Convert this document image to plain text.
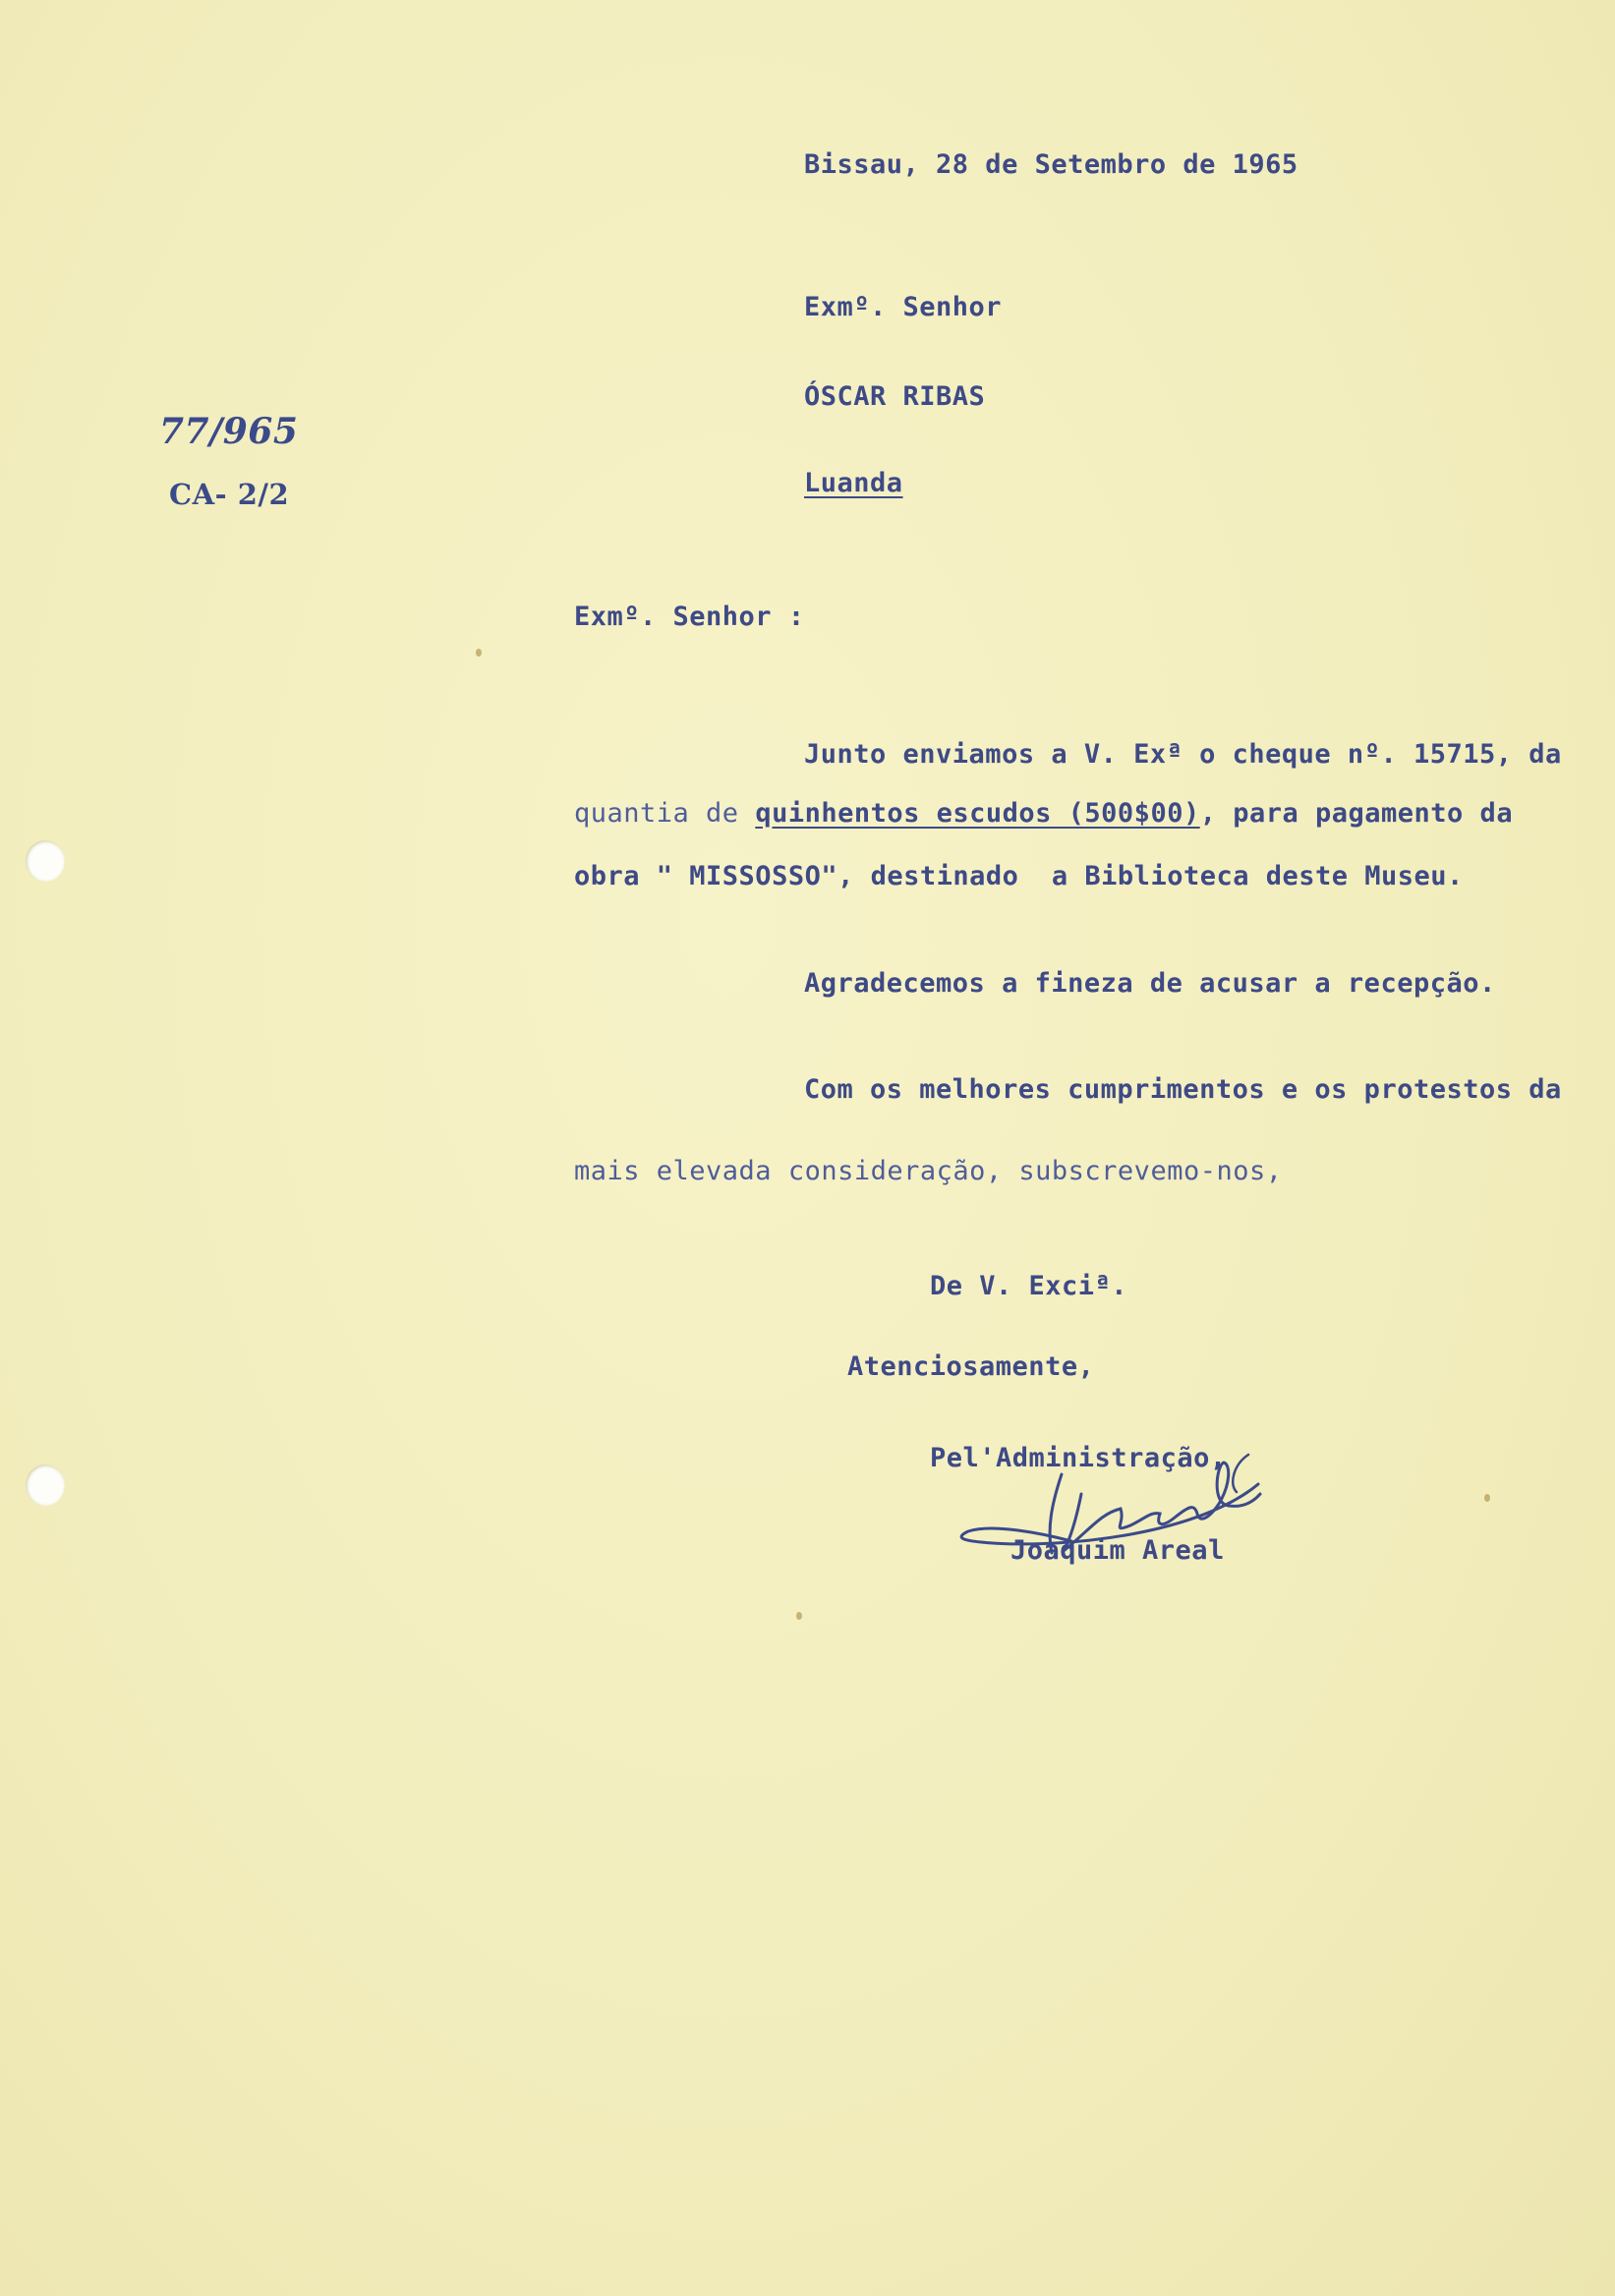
77/965
CA- 2/2
Bissau, 28 de Setembro de 1965
Exmº. Senhor
ÓSCAR RIBAS
Luanda
Exmº. Senhor :
Junto enviamos a V. Exª o cheque nº. 15715, da
quantia de quinhentos escudos (500$00), para pagamento da
obra " MISSOSSO", destinado  a Biblioteca deste Museu.
Agradecemos a fineza de acusar a recepção.
Com os melhores cumprimentos e os protestos da
mais elevada consideração, subscrevemo-nos,
De V. Exciª.
Atenciosamente,
Pel'Administração,
Joaquim Areal
